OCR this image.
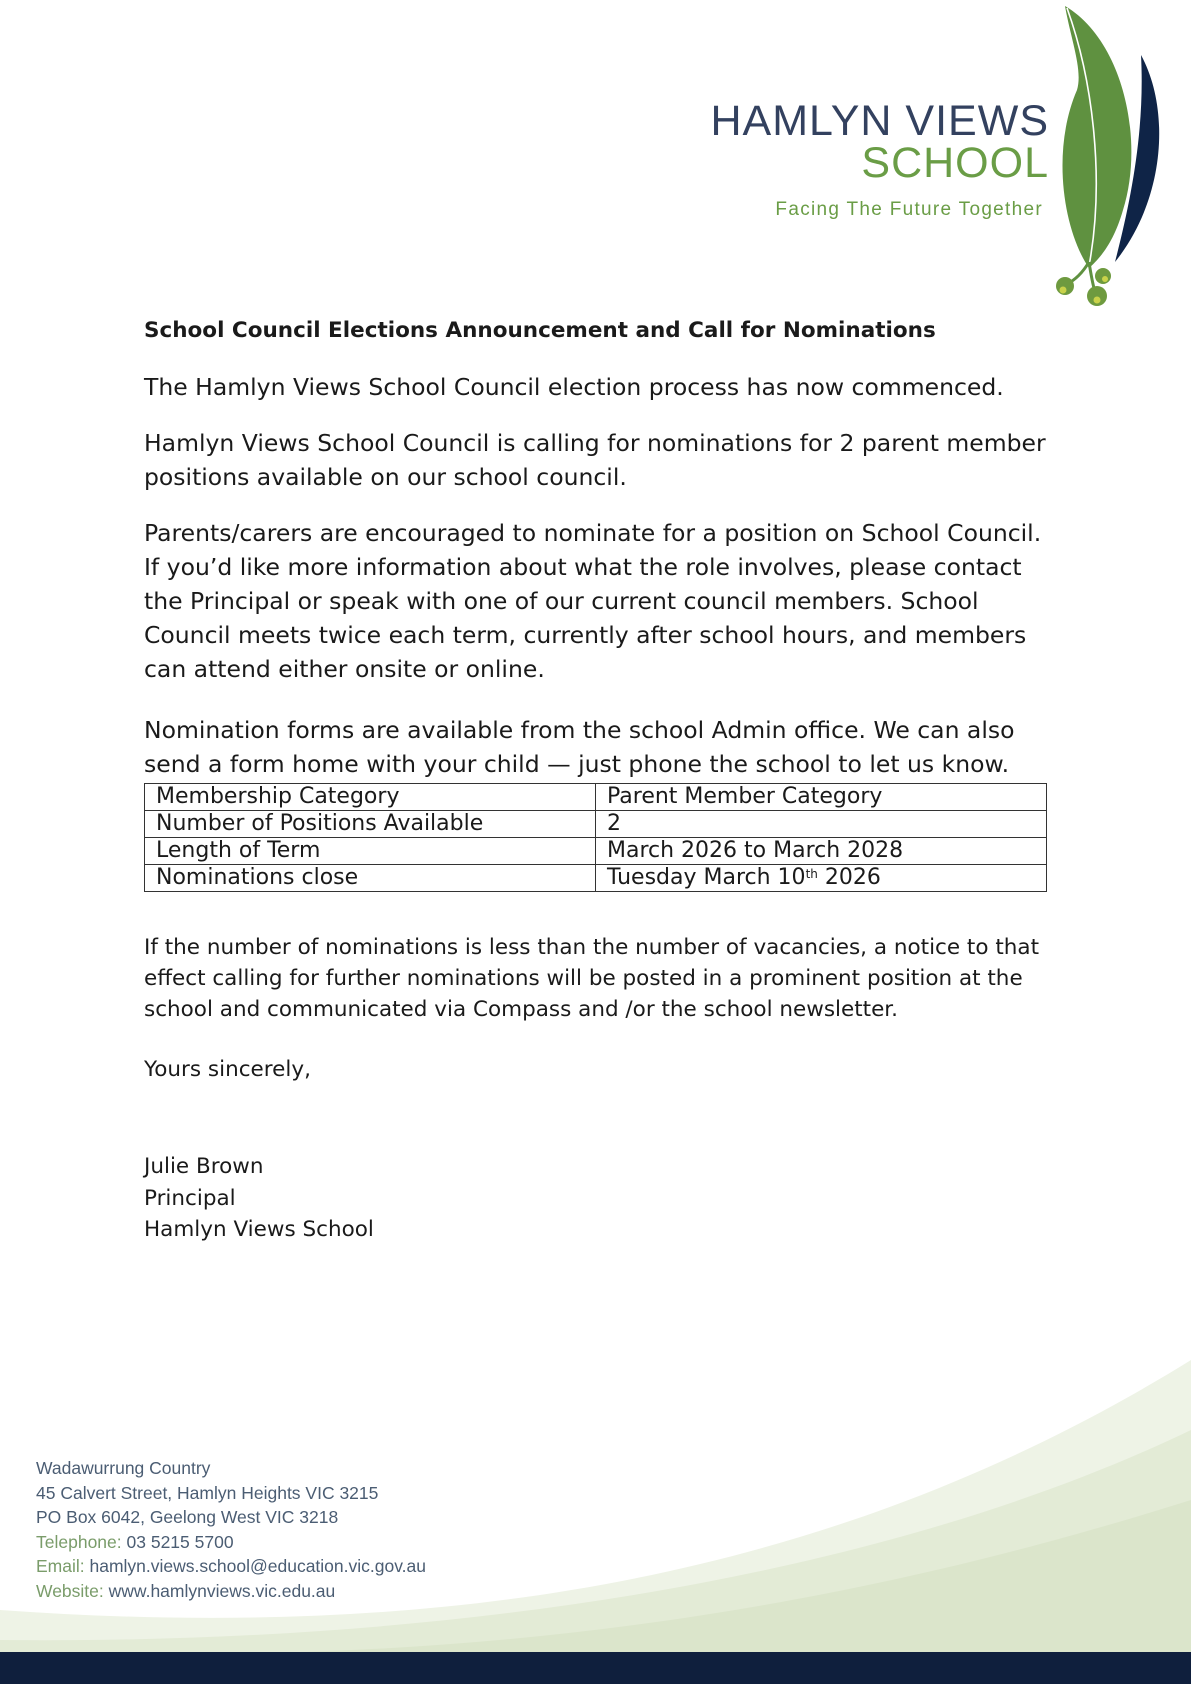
HAMLYN VIEWS
SCHOOL
Facing The Future Together
School Council Elections Announcement and Call for Nominations

The Hamlyn Views School Council election process has now commenced.

Hamlyn Views School Council is calling for nominations for 2 parent member positions available on our school council.

Parents/carers are encouraged to nominate for a position on School Council. If you’d like more information about what the role involves, please contact the Principal or speak with one of our current council members. School Council meets twice each term, currently after school hours, and members can attend either onsite or online.

Nomination forms are available from the school Admin office. We can also send a form home with your child — just phone the school to let us know.

Membership Category	Parent Member Category
Number of Positions Available	2
Length of Term	March 2026 to March 2028
Nominations close	Tuesday March 10th 2026

If the number of nominations is less than the number of vacancies, a notice to that effect calling for further nominations will be posted in a prominent position at the school and communicated via Compass and /or the school newsletter.

Yours sincerely,

Julie Brown
Principal
Hamlyn Views School
Wadawurrung Country
45 Calvert Street, Hamlyn Heights VIC 3215
PO Box 6042, Geelong West VIC 3218
Telephone: 03 5215 5700
Email: hamlyn.views.school@education.vic.gov.au
Website: www.hamlynviews.vic.edu.au
